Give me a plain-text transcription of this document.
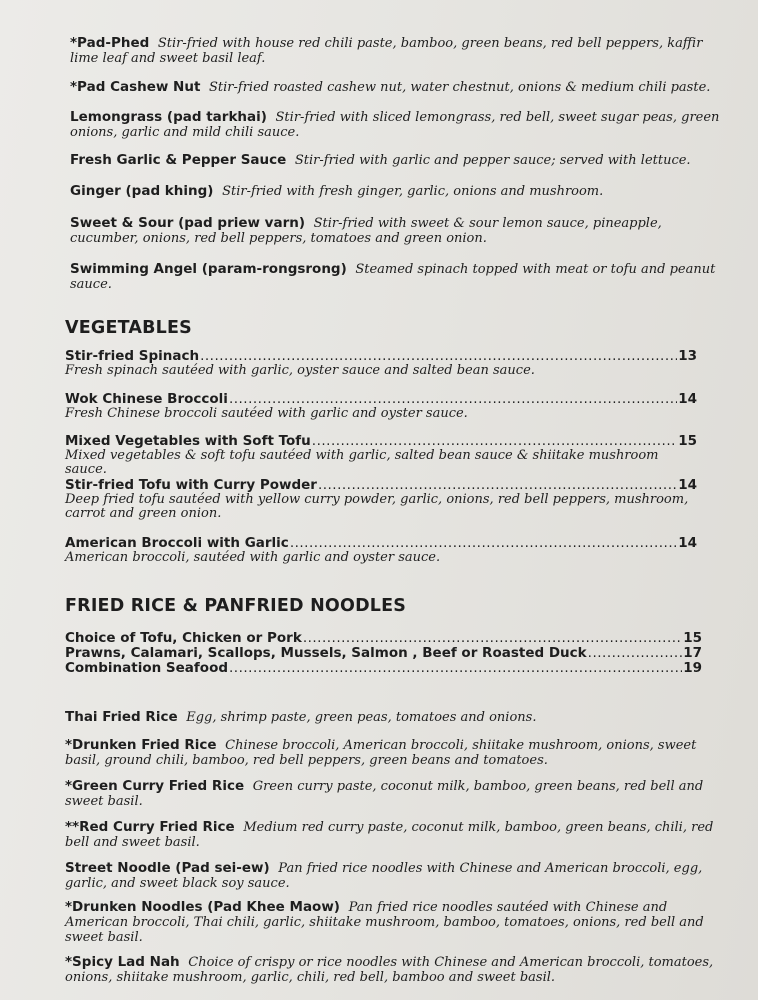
*Pad-Phed Stir-fried with house red chili paste, bamboo, green beans, red bell peppers, kaffir lime leaf and sweet basil leaf.
*Pad Cashew Nut Stir-fried roasted cashew nut, water chestnut, onions & medium chili paste.
Lemongrass (pad tarkhai) Stir-fried with sliced lemongrass, red bell, sweet sugar peas, green onions, garlic and mild chili sauce.
Fresh Garlic & Pepper Sauce Stir-fried with garlic and pepper sauce; served with lettuce.
Ginger (pad khing) Stir-fried with fresh ginger, garlic, onions and mushroom.
Sweet & Sour (pad priew varn) Stir-fried with sweet & sour lemon sauce, pineapple, cucumber, onions, red bell peppers, tomatoes and green onion.
Swimming Angel (param-rongsrong) Steamed spinach topped with meat or tofu and peanut sauce.
VEGETABLES
Stir-fried Spinach .....	13
Fresh spinach sautéed with garlic, oyster sauce and salted bean sauce.
Wok Chinese Broccoli .....	14
Fresh Chinese broccoli sautéed with garlic and oyster sauce.
Mixed Vegetables with Soft Tofu .....	15
Mixed vegetables & soft tofu sautéed with garlic, salted bean sauce & shiitake mushroom sauce.
Stir-fried Tofu with Curry Powder .....	14
Deep fried tofu sautéed with yellow curry powder, garlic, onions, red bell peppers, mushroom, carrot and green onion.
American Broccoli with Garlic .....	14
American broccoli, sautéed with garlic and oyster sauce.
FRIED RICE & PANFRIED NOODLES
Choice of Tofu, Chicken or Pork .....	15
Prawns, Calamari, Scallops, Mussels, Salmon , Beef or Roasted Duck .....	17
Combination Seafood .....	19
Thai Fried Rice Egg, shrimp paste, green peas, tomatoes and onions.
*Drunken Fried Rice Chinese broccoli, American broccoli, shiitake mushroom, onions, sweet basil, ground chili, bamboo, red bell peppers, green beans and tomatoes.
*Green Curry Fried Rice Green curry paste, coconut milk, bamboo, green beans, red bell and sweet basil.
**Red Curry Fried Rice Medium red curry paste, coconut milk, bamboo, green beans, chili, red bell and sweet basil.
Street Noodle (Pad sei-ew) Pan fried rice noodles with Chinese and American broccoli, egg, garlic, and sweet black soy sauce.
*Drunken Noodles (Pad Khee Maow) Pan fried rice noodles sautéed with Chinese and American broccoli, Thai chili, garlic, shiitake mushroom, bamboo, tomatoes, onions, red bell and sweet basil.
*Spicy Lad Nah Choice of crispy or rice noodles with Chinese and American broccoli, tomatoes, onions, shiitake mushroom, garlic, chili, red bell, bamboo and sweet basil.
